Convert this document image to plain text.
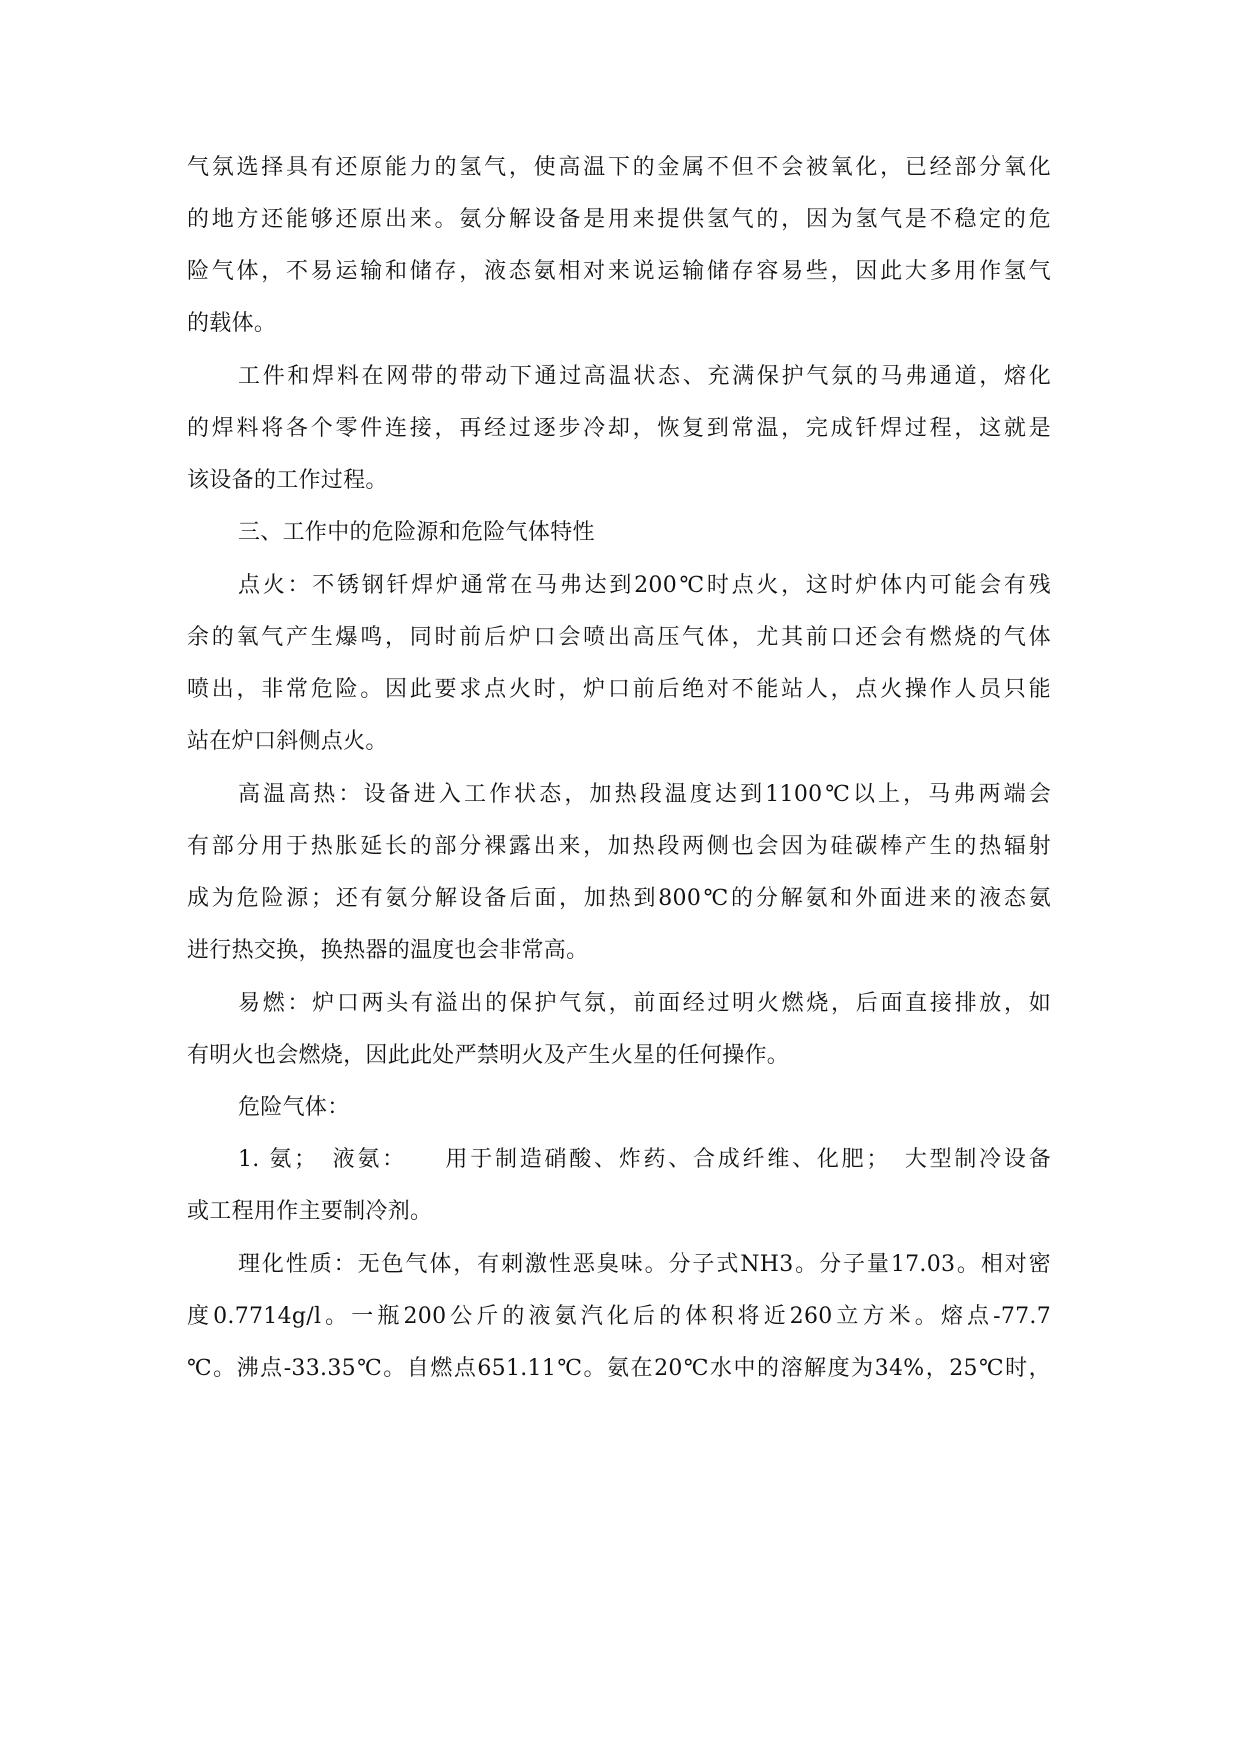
气氛选择具有还原能力的氢气，使高温下的金属不但不会被氧化，已经部分氧化
的地方还能够还原出来。氨分解设备是用来提供氢气的，因为氢气是不稳定的危
险气体，不易运输和储存，液态氨相对来说运输储存容易些，因此大多用作氢气
的载体。
工件和焊料在网带的带动下通过高温状态、充满保护气氛的马弗通道，熔化
的焊料将各个零件连接，再经过逐步冷却，恢复到常温，完成钎焊过程，这就是
该设备的工作过程。
三、工作中的危险源和危险气体特性
点火：不锈钢钎焊炉通常在马弗达到200℃时点火，这时炉体内可能会有残
余的氧气产生爆鸣，同时前后炉口会喷出高压气体，尤其前口还会有燃烧的气体
喷出，非常危险。因此要求点火时，炉口前后绝对不能站人，点火操作人员只能
站在炉口斜侧点火。
高温高热：设备进入工作状态，加热段温度达到1100℃以上，马弗两端会
有部分用于热胀延长的部分裸露出来，加热段两侧也会因为硅碳棒产生的热辐射
成为危险源；还有氨分解设备后面，加热到800℃的分解氨和外面进来的液态氨
进行热交换，换热器的温度也会非常高。
易燃：炉口两头有溢出的保护气氛，前面经过明火燃烧，后面直接排放，如
有明火也会燃烧，因此此处严禁明火及产生火星的任何操作。
危险气体：
1. 氨；　液氨：　　用于制造硝酸、炸药、合成纤维、化肥；　大型制冷设备
或工程用作主要制冷剂。
理化性质：无色气体，有刺激性恶臭味。分子式NH3。分子量17.03。相对密
度0.7714g/l。一瓶200公斤的液氨汽化后的体积将近260立方米。熔点-77.7
℃。沸点-33.35℃。自燃点651.11℃。氨在20℃水中的溶解度为34%，25℃时，
